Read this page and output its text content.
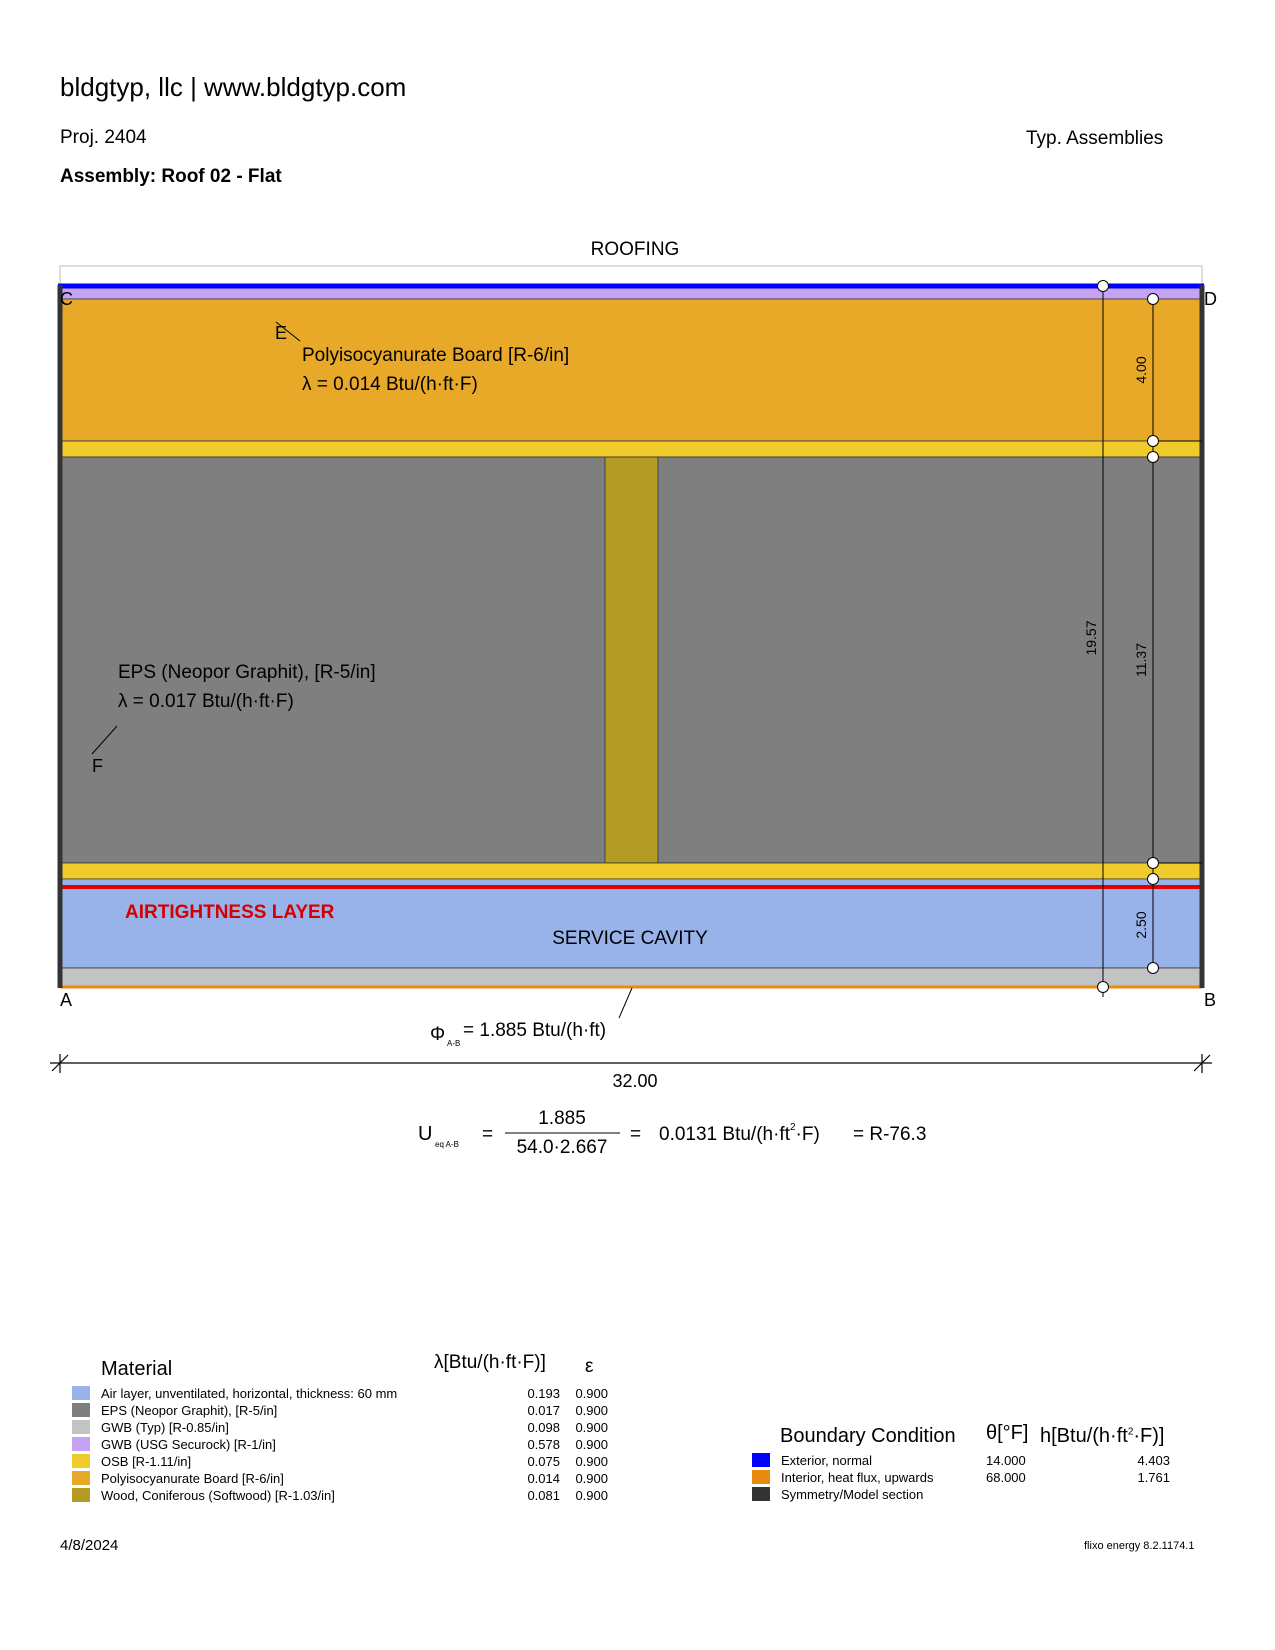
bldgtyp, llc | www.bldgtyp.com
Proj. 2404	Typ. Assemblies
Assembly: Roof 02 - Flat
ROOFING
C	D
A	B
E
Polyisocyanurate Board [R-6/in]
λ = 0.014 Btu/(h·ft·F)
EPS (Neopor Graphit), [R-5/in]
λ = 0.017 Btu/(h·ft·F)
F
AIRTIGHTNESS LAYER
SERVICE CAVITY
Φ A-B
= 1.885 Btu/(h·ft)
32.00
4.00
11.37
19.57
2.50
U eq A-B =
1.885
54.0·2.667
= 0.0131 Btu/$(h\cdot ft^2\cdot F) = R-76.3$
Material	λ[Btu/(h·ft·F)] ε
Air layer, unventilated, horizontal, thickness: 60 mm	0.193	0.900
EPS (Neopor Graphit), [R-5/in]	0.017	0.900
GWB (Typ) [R-0.85/in]	0.098	0.900
GWB (USG Securock) [R-1/in]	0.578	0.900
OSB [R-1.11/in]	0.075	0.900
Polyisocyanurate Board [R-6/in]	0.014	0.900
Wood, Coniferous (Softwood) [R-1.03/in]	0.081	0.900
Boundary Condition θ[°F] $h[Btu/(h\cdot ft^2\cdot F)]$
Exterior, normal	14.000	4.403
Interior, heat flux, upwards	68.000	1.761
Symmetry/Model section
4/8/2024	flixo energy 8.2.1174.1
